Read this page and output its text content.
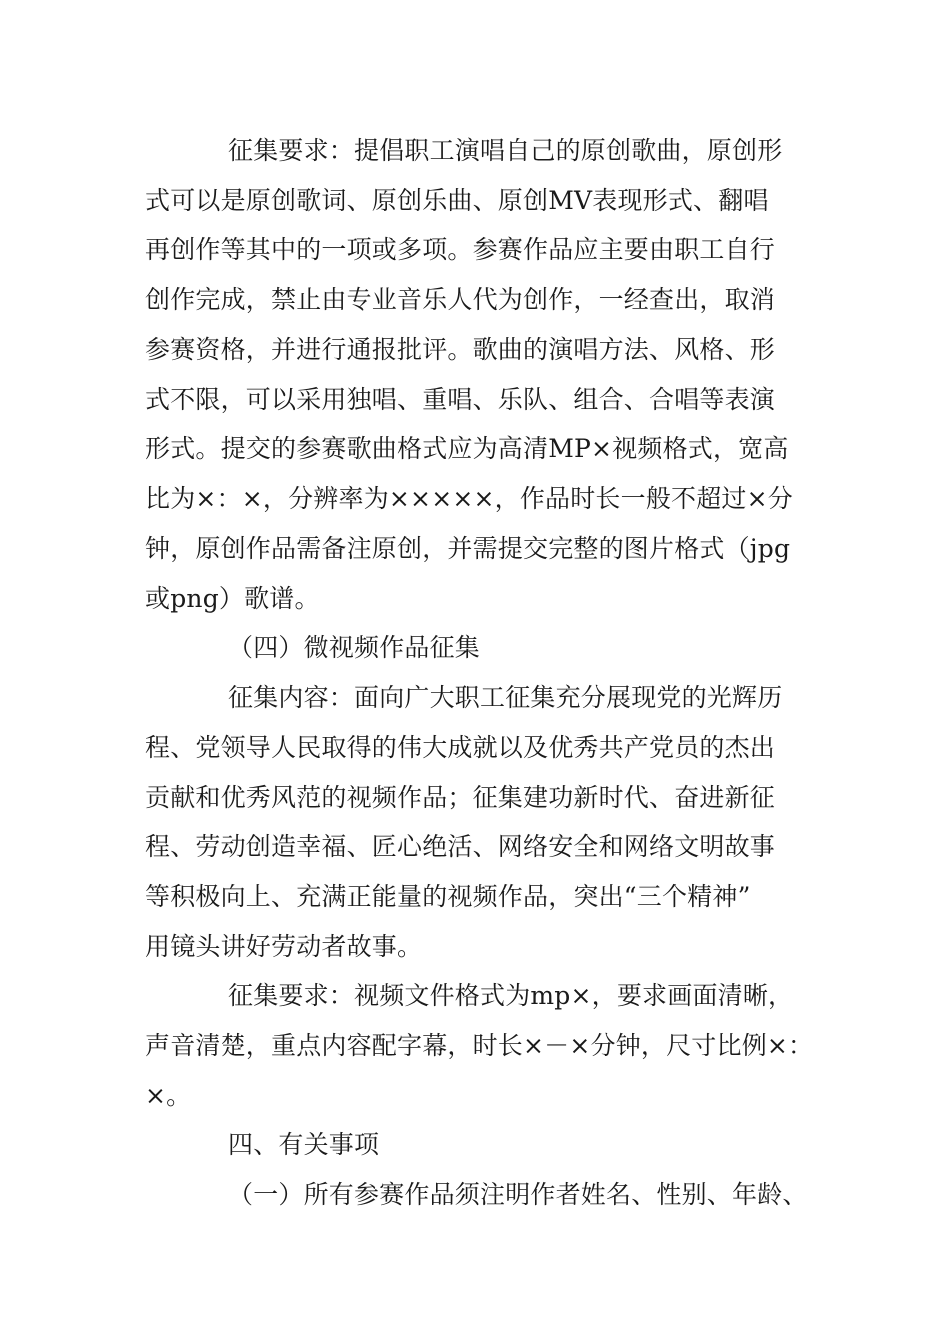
征集要求：提倡职工演唱自己的原创歌曲，原创形
式可以是原创歌词、原创乐曲、原创MV表现形式、翻唱
再创作等其中的一项或多项。参赛作品应主要由职工自行
创作完成，禁止由专业音乐人代为创作，一经查出，取消
参赛资格，并进行通报批评。歌曲的演唱方法、风格、形
式不限，可以采用独唱、重唱、乐队、组合、合唱等表演
形式。提交的参赛歌曲格式应为高清MP×视频格式，宽高
比为×：×，分辨率为×××××，作品时长一般不超过×分
钟，原创作品需备注原创，并需提交完整的图片格式（jpg
或png）歌谱。
（四）微视频作品征集
征集内容：面向广大职工征集充分展现党的光辉历
程、党领导人民取得的伟大成就以及优秀共产党员的杰出
贡献和优秀风范的视频作品；征集建功新时代、奋进新征
程、劳动创造幸福、匠心绝活、网络安全和网络文明故事
等积极向上、充满正能量的视频作品，突出“三个精神”
用镜头讲好劳动者故事。
征集要求：视频文件格式为mp×，要求画面清晰，
声音清楚，重点内容配字幕，时长×－×分钟，尺寸比例×：
×。
四、有关事项
（一）所有参赛作品须注明作者姓名、性别、年龄、
